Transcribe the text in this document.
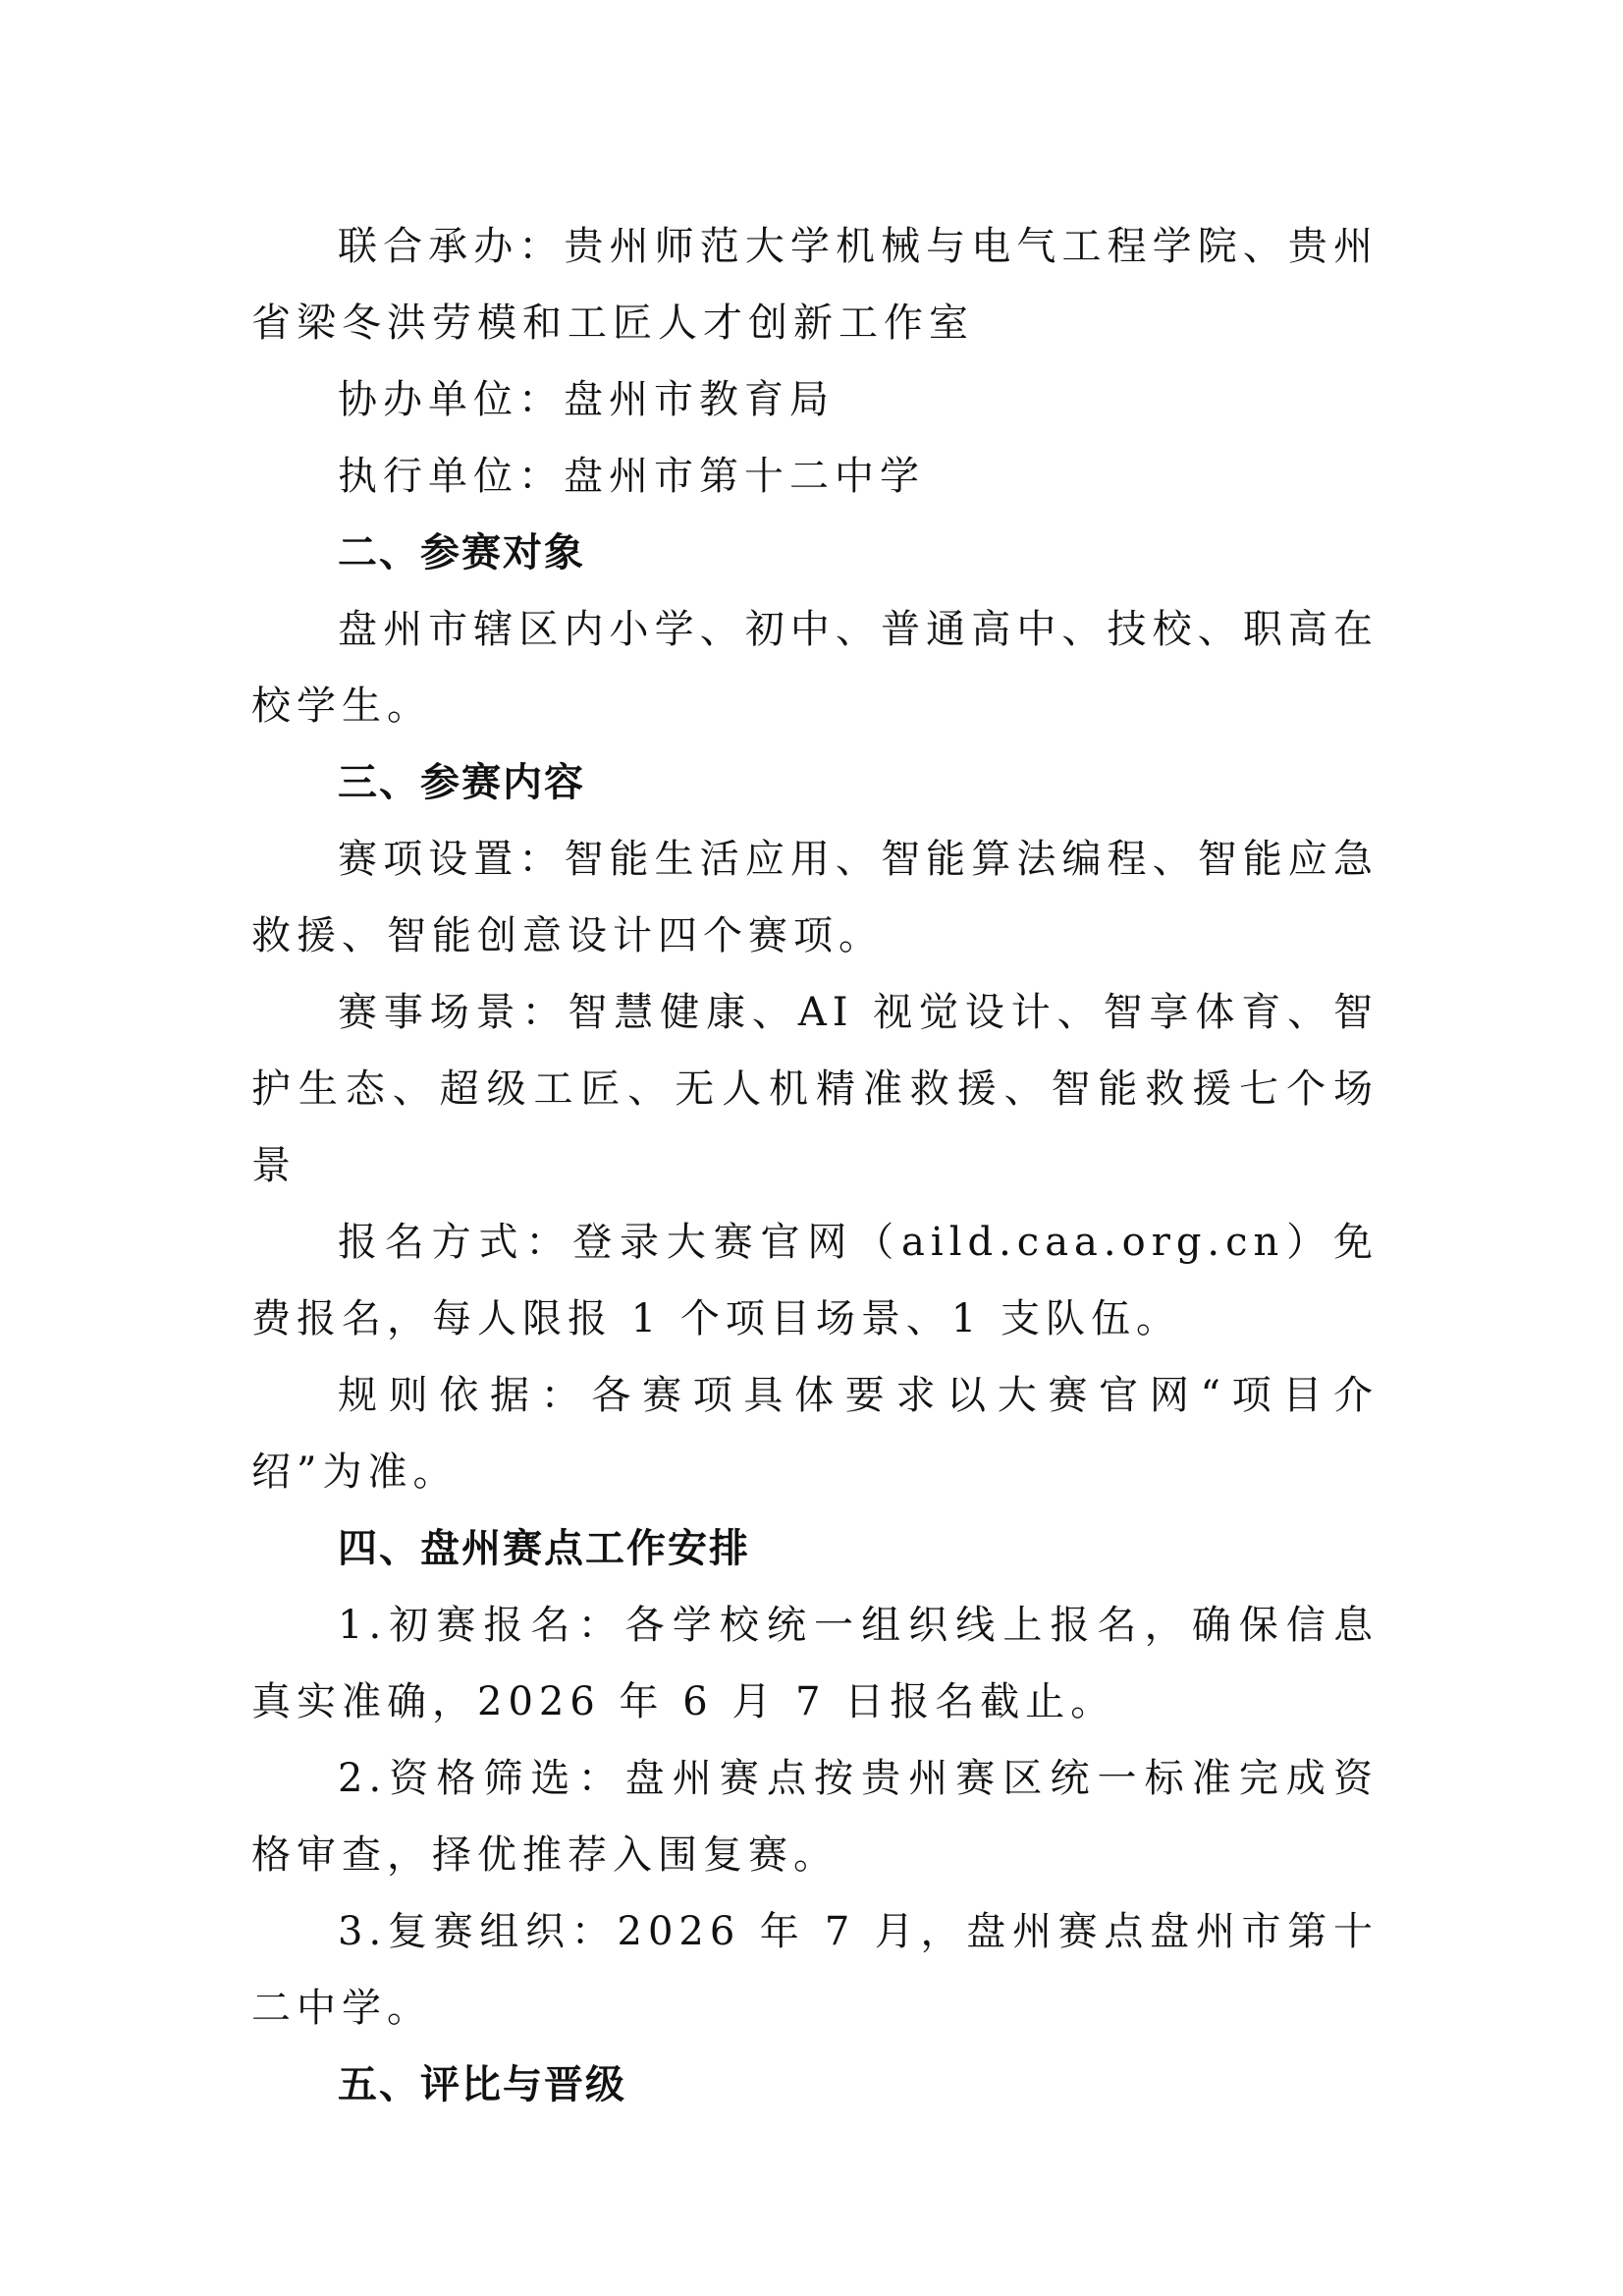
联合承办：贵州师范大学机械与电气工程学院、贵州省梁冬洪劳模和工匠人才创新工作室

协办单位：盘州市教育局

执行单位：盘州市第十二中学

二、参赛对象

盘州市辖区内小学、初中、普通高中、技校、职高在校学生。

三、参赛内容

赛项设置：智能生活应用、智能算法编程、智能应急救援、智能创意设计四个赛项。

赛事场景：智慧健康、AI 视觉设计、智享体育、智护生态、超级工匠、无人机精准救援、智能救援七个场景

报名方式：登录大赛官网（aild.caa.org.cn）免费报名，每人限报 1 个项目场景、1 支队伍。

规则依据：各赛项具体要求以大赛官网“项目介绍”为准。

四、盘州赛点工作安排

1.初赛报名：各学校统一组织线上报名，确保信息真实准确，2026 年 6 月 7 日报名截止。

2.资格筛选：盘州赛点按贵州赛区统一标准完成资格审查，择优推荐入围复赛。

3.复赛组织：2026 年 7 月，盘州赛点盘州市第十二中学。

五、评比与晋级
